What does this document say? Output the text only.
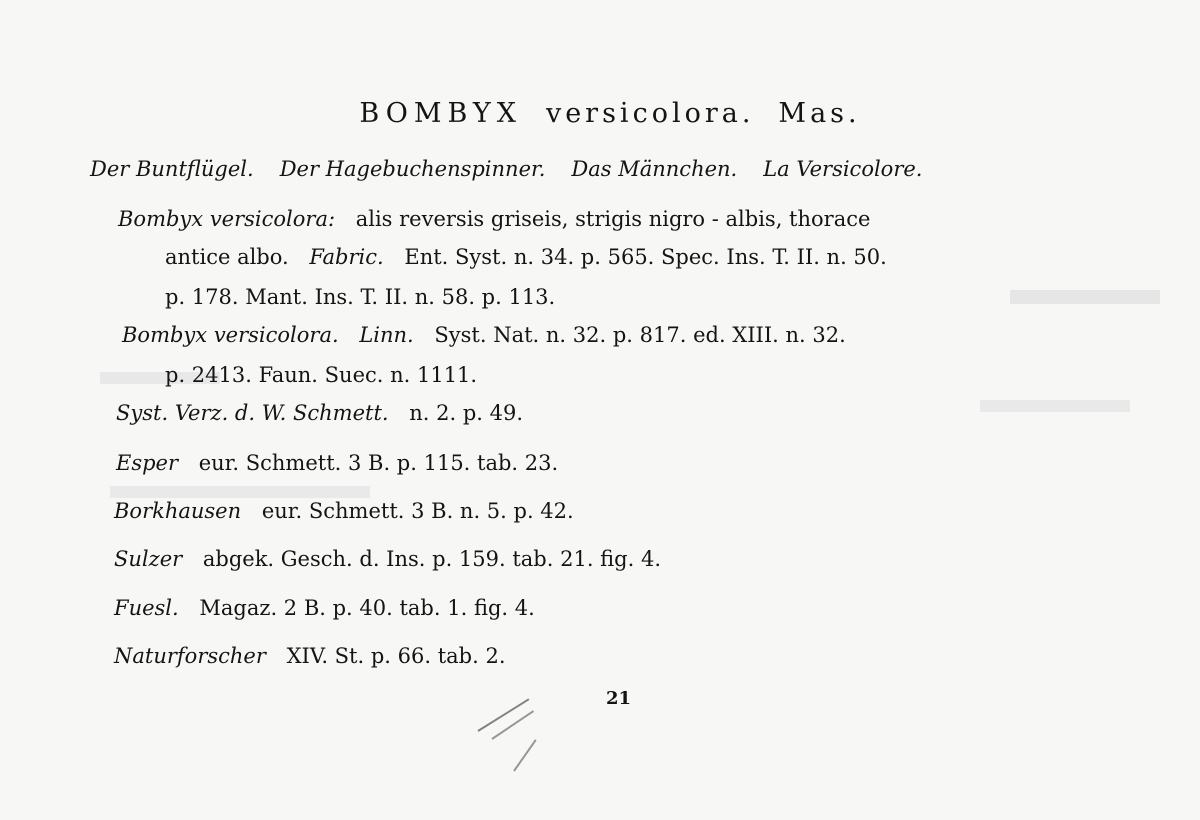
BOMBYX versicolora. Mas.
Der Buntflügel. Der Hagebuchenspinner. Das Männchen. La Versicolore.
Bombyx versicolora: alis reversis griseis, strigis nigro - albis, thorace
antice albo. Fabric. Ent. Syst. n. 34. p. 565. Spec. Ins. T. II. n. 50.
p. 178. Mant. Ins. T. II. n. 58. p. 113.
Bombyx versicolora. Linn. Syst. Nat. n. 32. p. 817. ed. XIII. n. 32.
p. 2413. Faun. Suec. n. 1111.
Syst. Verz. d. W. Schmett. n. 2. p. 49.
Esper eur. Schmett. 3 B. p. 115. tab. 23.
Borkhausen eur. Schmett. 3 B. n. 5. p. 42.
Sulzer abgek. Gesch. d. Ins. p. 159. tab. 21. fig. 4.
Fuesl. Magaz. 2 B. p. 40. tab. 1. fig. 4.
Naturforscher XIV. St. p. 66. tab. 2.
21
